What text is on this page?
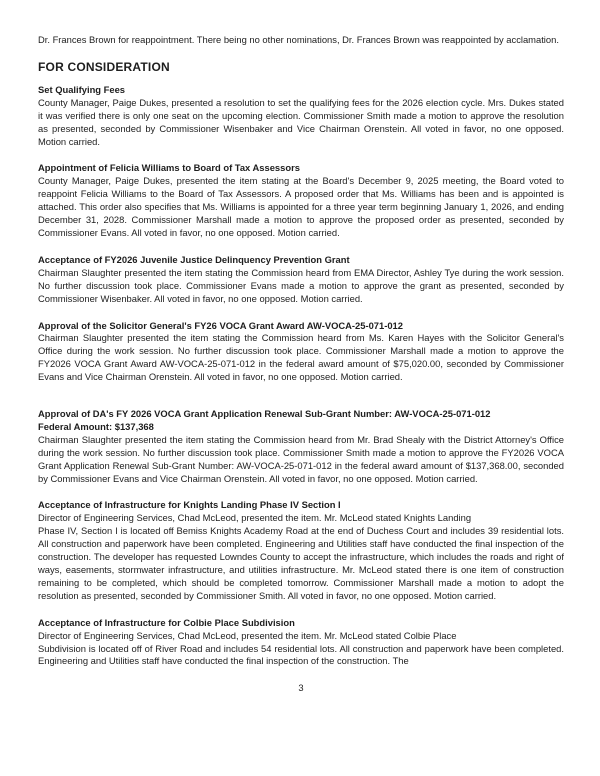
Dr. Frances Brown for reappointment. There being no other nominations, Dr. Frances Brown was reappointed by acclamation.
FOR CONSIDERATION
Set Qualifying Fees
County Manager, Paige Dukes, presented a resolution to set the qualifying fees for the 2026 election cycle. Mrs. Dukes stated it was verified there is only one seat on the upcoming election. Commissioner Smith made a motion to approve the resolution as presented, seconded by Commissioner Wisenbaker and Vice Chairman Orenstein. All voted in favor, no one opposed. Motion carried.
Appointment of Felicia Williams to Board of Tax Assessors
County Manager, Paige Dukes, presented the item stating at the Board's December 9, 2025 meeting, the Board voted to reappoint Felicia Williams to the Board of Tax Assessors. A proposed order that Ms. Williams has been and is appointed is attached. This order also specifies that Ms. Williams is appointed for a three year term beginning January 1, 2026, and ending December 31, 2028. Commissioner Marshall made a motion to approve the proposed order as presented, seconded by Commissioner Evans. All voted in favor, no one opposed. Motion carried.
Acceptance of FY2026 Juvenile Justice Delinquency Prevention Grant
Chairman Slaughter presented the item stating the Commission heard from EMA Director, Ashley Tye during the work session. No further discussion took place. Commissioner Evans made a motion to approve the grant as presented, seconded by Commissioner Wisenbaker. All voted in favor, no one opposed. Motion carried.
Approval of the Solicitor General's FY26 VOCA Grant Award AW-VOCA-25-071-012
Chairman Slaughter presented the item stating the Commission heard from Ms. Karen Hayes with the Solicitor General's Office during the work session. No further discussion took place. Commissioner Marshall made a motion to approve the FY2026 VOCA Grant Award AW-VOCA-25-071-012 in the federal award amount of $75,020.00, seconded by Commissioner Evans and Vice Chairman Orenstein. All voted in favor, no one opposed. Motion carried.
Approval of DA's FY 2026 VOCA Grant Application Renewal Sub-Grant Number: AW-VOCA-25-071-012
Federal Amount: $137,368
Chairman Slaughter presented the item stating the Commission heard from Mr. Brad Shealy with the District Attorney's Office during the work session. No further discussion took place. Commissioner Smith made a motion to approve the FY2026 VOCA Grant Application Renewal Sub-Grant Number: AW-VOCA-25-071-012 in the federal award amount of $137,368.00, seconded by Commissioner Evans and Vice Chairman Orenstein. All voted in favor, no one opposed. Motion carried.
Acceptance of Infrastructure for Knights Landing Phase IV Section I
Director of Engineering Services, Chad McLeod, presented the item. Mr. McLeod stated Knights Landing
Phase IV, Section I is located off Bemiss Knights Academy Road at the end of Duchess Court and includes 39 residential lots. All construction and paperwork have been completed. Engineering and Utilities staff have conducted the final inspection of the construction. The developer has requested Lowndes County to accept the infrastructure, which includes the roads and right of ways, easements, stormwater infrastructure, and utilities infrastructure. Mr. McLeod stated there is one item of construction remaining to be completed, which should be completed tomorrow. Commissioner Marshall made a motion to adopt the resolution as presented, seconded by Commissioner Smith. All voted in favor, no one opposed. Motion carried.
Acceptance of Infrastructure for Colbie Place Subdivision
Director of Engineering Services, Chad McLeod, presented the item. Mr. McLeod stated Colbie Place
Subdivision is located off of River Road and includes 54 residential lots. All construction and paperwork have been completed. Engineering and Utilities staff have conducted the final inspection of the construction. The
3
